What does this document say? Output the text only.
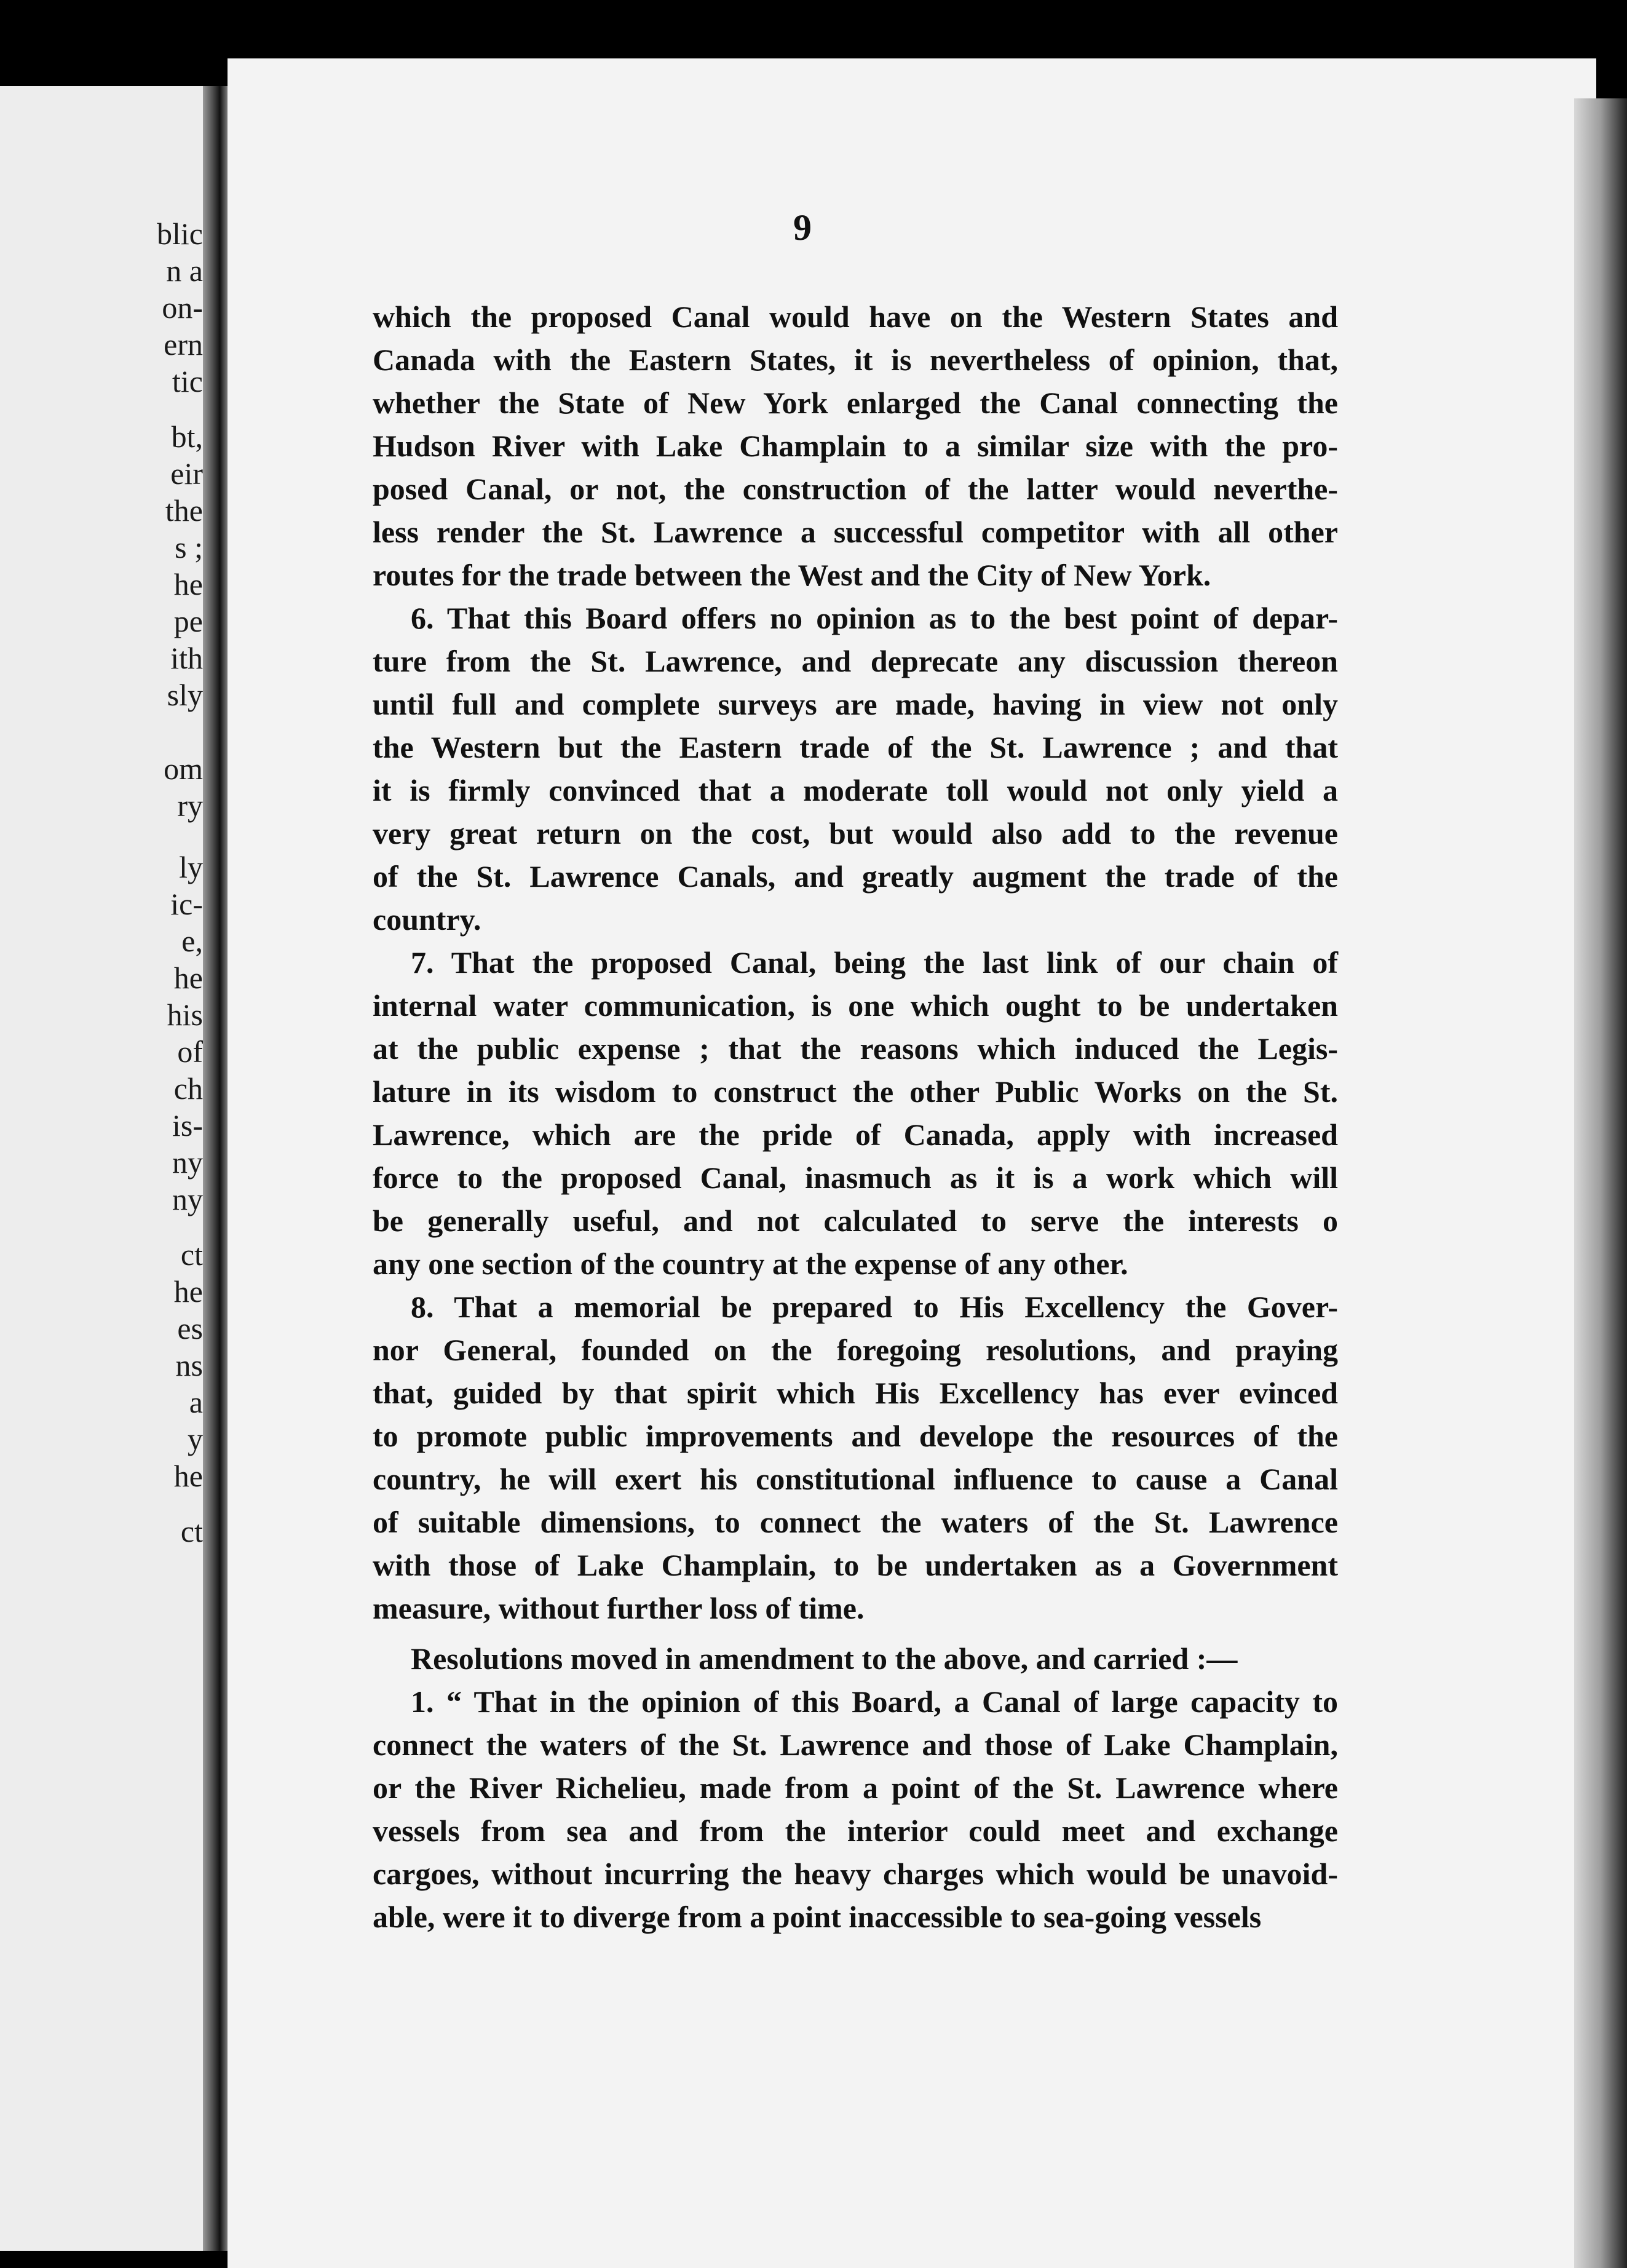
blic
n a
on-
ern
tic
bt,
eir
the
s ;
he
pe
ith
sly
om
ry
ly
ic-
e,
he
his
of
ch
is-
ny
ny
ct
he
es
ns
a
y
he
ct
9
which the proposed Canal would have on the Western States and
Canada with the Eastern States, it is nevertheless of opinion, that,
whether the State of New York enlarged the Canal connecting the
Hudson River with Lake Champlain to a similar size with the pro-
posed Canal, or not, the construction of the latter would neverthe-
less render the St. Lawrence a successful competitor with all other
routes for the trade between the West and the City of New York.
6. That this Board offers no opinion as to the best point of depar-
ture from the St. Lawrence, and deprecate any discussion thereon
until full and complete surveys are made, having in view not only
the Western but the Eastern trade of the St. Lawrence ; and that
it is firmly convinced that a moderate toll would not only yield a
very great return on the cost, but would also add to the revenue
of the St. Lawrence Canals, and greatly augment the trade of the
country.
7. That the proposed Canal, being the last link of our chain of
internal water communication, is one which ought to be undertaken
at the public expense ; that the reasons which induced the Legis-
lature in its wisdom to construct the other Public Works on the St.
Lawrence, which are the pride of Canada, apply with increased
force to the proposed Canal, inasmuch as it is a work which will
be generally useful, and not calculated to serve the interests o
any one section of the country at the expense of any other.
8. That a memorial be prepared to His Excellency the Gover-
nor General, founded on the foregoing resolutions, and praying
that, guided by that spirit which His Excellency has ever evinced
to promote public improvements and develope the resources of the
country, he will exert his constitutional influence to cause a Canal
of suitable dimensions, to connect the waters of the St. Lawrence
with those of Lake Champlain, to be undertaken as a Government
measure, without further loss of time.
Resolutions moved in amendment to the above, and carried :—
1. “ That in the opinion of this Board, a Canal of large capacity to
connect the waters of the St. Lawrence and those of Lake Champlain,
or the River Richelieu, made from a point of the St. Lawrence where
vessels from sea and from the interior could meet and exchange
cargoes, without incurring the heavy charges which would be unavoid-
able, were it to diverge from a point inaccessible to sea-going vessels
